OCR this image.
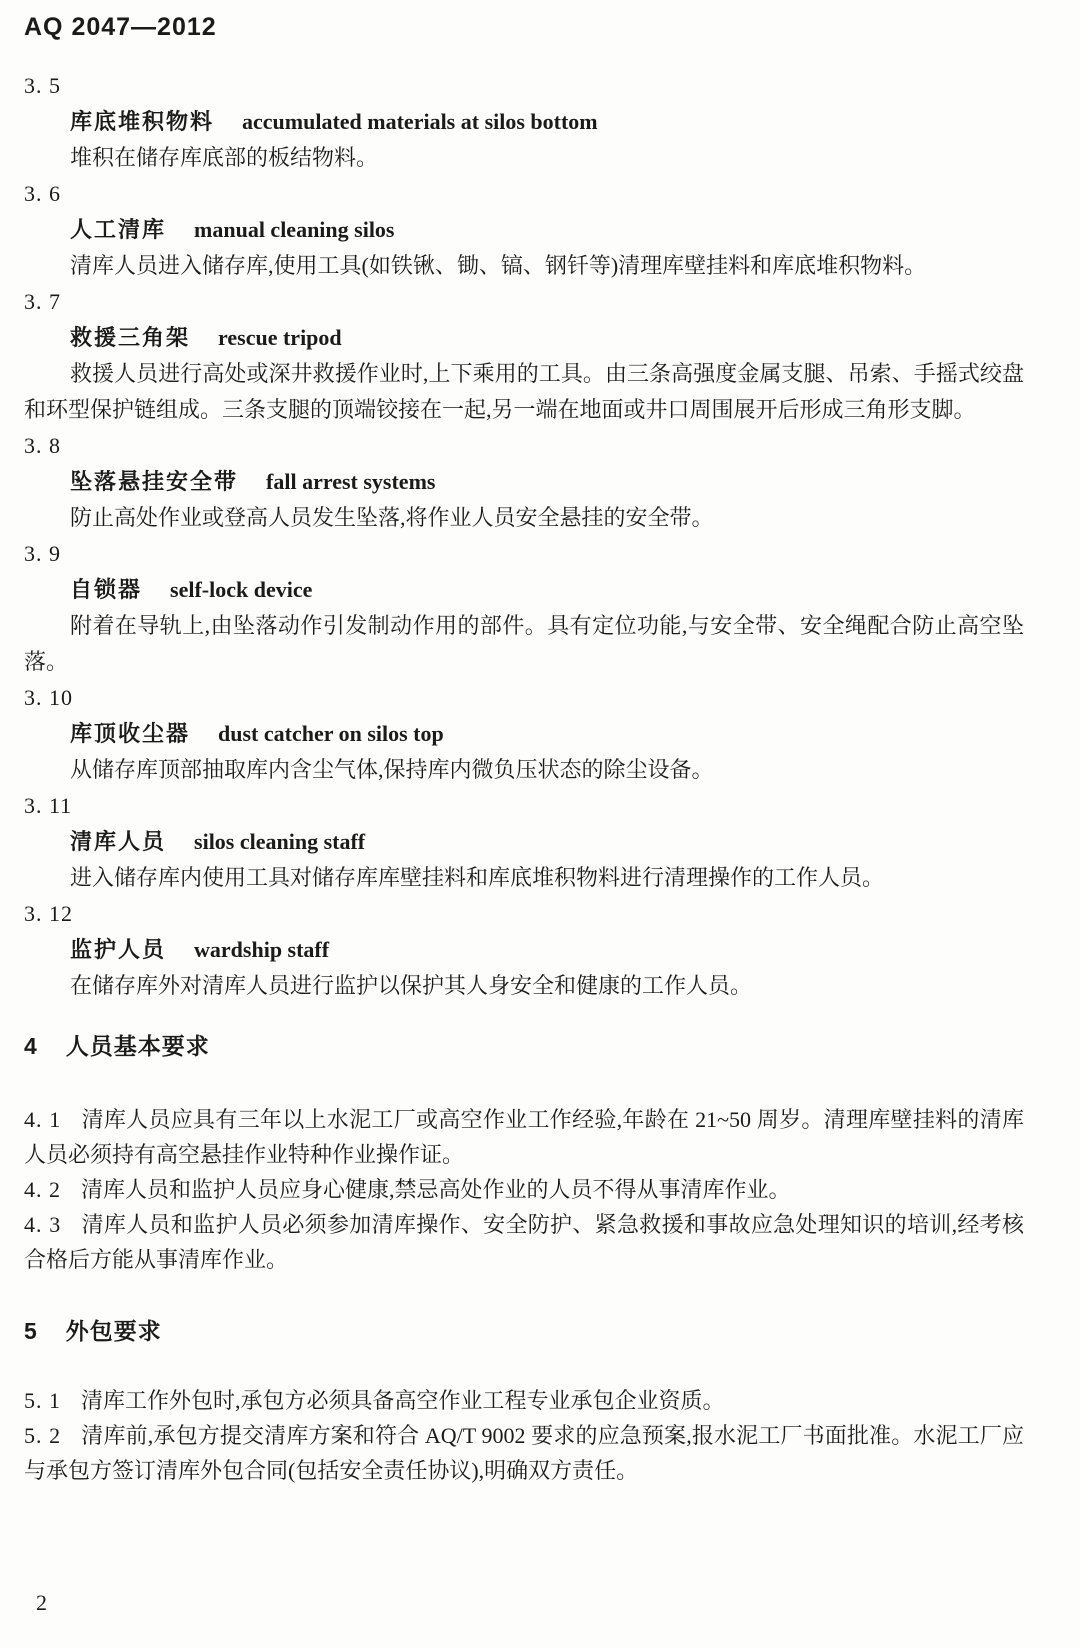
AQ 2047—2012

3. 5

库底堆积物料 accumulated materials at silos bottom

堆积在储存库底部的板结物料。

3. 6

人工清库 manual cleaning silos

清库人员进入储存库,使用工具(如铁锹、锄、镐、钢钎等)清理库壁挂料和库底堆积物料。

3. 7

救援三角架 rescue tripod

救援人员进行高处或深井救援作业时,上下乘用的工具。由三条高强度金属支腿、吊索、手摇式绞盘和环型保护链组成。三条支腿的顶端铰接在一起,另一端在地面或井口周围展开后形成三角形支脚。

3. 8

坠落悬挂安全带 fall arrest systems

防止高处作业或登高人员发生坠落,将作业人员安全悬挂的安全带。

3. 9

自锁器 self-lock device

附着在导轨上,由坠落动作引发制动作用的部件。具有定位功能,与安全带、安全绳配合防止高空坠落。

3. 10

库顶收尘器 dust catcher on silos top

从储存库顶部抽取库内含尘气体,保持库内微负压状态的除尘设备。

3. 11

清库人员 silos cleaning staff

进入储存库内使用工具对储存库库壁挂料和库底堆积物料进行清理操作的工作人员。

3. 12

监护人员 wardship staff

在储存库外对清库人员进行监护以保护其人身安全和健康的工作人员。

4 人员基本要求

4. 1 清库人员应具有三年以上水泥工厂或高空作业工作经验,年龄在 21~50 周岁。清理库壁挂料的清库人员必须持有高空悬挂作业特种作业操作证。

4. 2 清库人员和监护人员应身心健康,禁忌高处作业的人员不得从事清库作业。

4. 3 清库人员和监护人员必须参加清库操作、安全防护、紧急救援和事故应急处理知识的培训,经考核合格后方能从事清库作业。

5 外包要求

5. 1 清库工作外包时,承包方必须具备高空作业工程专业承包企业资质。

5. 2 清库前,承包方提交清库方案和符合 AQ/T 9002 要求的应急预案,报水泥工厂书面批准。水泥工厂应与承包方签订清库外包合同(包括安全责任协议),明确双方责任。

2
